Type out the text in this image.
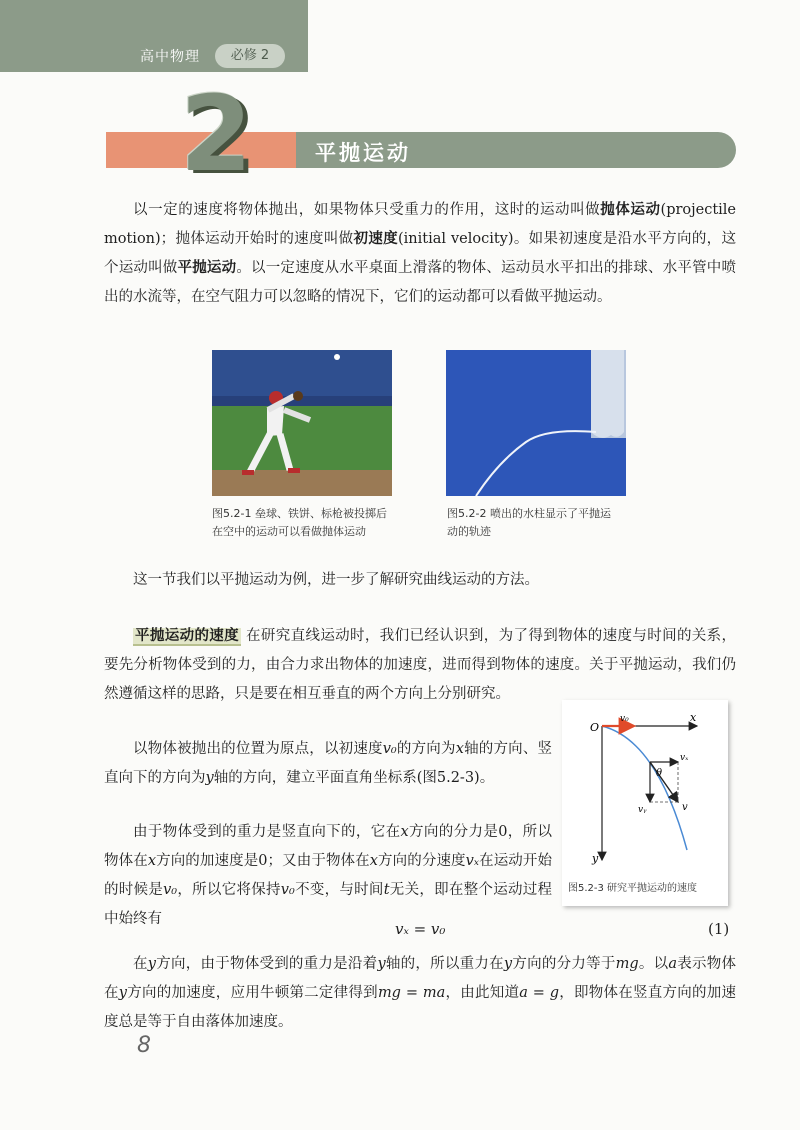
高中物理	必修 2
2	平抛运动

以一定的速度将物体抛出，如果物体只受重力的作用，这时的运动叫做抛体运动(projectile motion)；抛体运动开始时的速度叫做初速度(initial velocity)。如果初速度是沿水平方向的，这个运动叫做平抛运动。以一定速度从水平桌面上滑落的物体、运动员水平扣出的排球、水平管中喷出的水流等，在空气阻力可以忽略的情况下，它们的运动都可以看做平抛运动。

图5.2-1 垒球、铁饼、标枪被投掷后
在空中的运动可以看做抛体运动
图5.2-2 喷出的水柱显示了平抛运
动的轨迹

这一节我们以平抛运动为例，进一步了解研究曲线运动的方法。

平抛运动的速度 在研究直线运动时，我们已经认识到，为了得到物体的速度与时间的关系，要先分析物体受到的力，由合力求出物体的加速度，进而得到物体的速度。关于平抛运动，我们仍然遵循这样的思路，只是要在相互垂直的两个方向上分别研究。

以物体被抛出的位置为原点，以初速度v₀的方向为x轴的方向、竖直向下的方向为y轴的方向，建立平面直角坐标系(图5.2-3)。

由于物体受到的重力是竖直向下的，它在x方向的分力是0，所以物体在x方向的加速度是0；又由于物体在x方向的分速度vₓ在运动开始的时候是v₀，所以它将保持v₀不变，与时间t无关，即在整个运动过程中始终有

vₓ = v₀	(1)

在y方向，由于物体受到的重力是沿着y轴的，所以重力在y方向的分力等于mg。以a表示物体在y方向的加速度，应用牛顿第二定律得到mg = ma，由此知道a = g，即物体在竖直方向的加速度总是等于自由落体加速度。

O
v₀	x
y
vₓ
vᵧ	v
θ
图5.2-3 研究平抛运动的速度
8
